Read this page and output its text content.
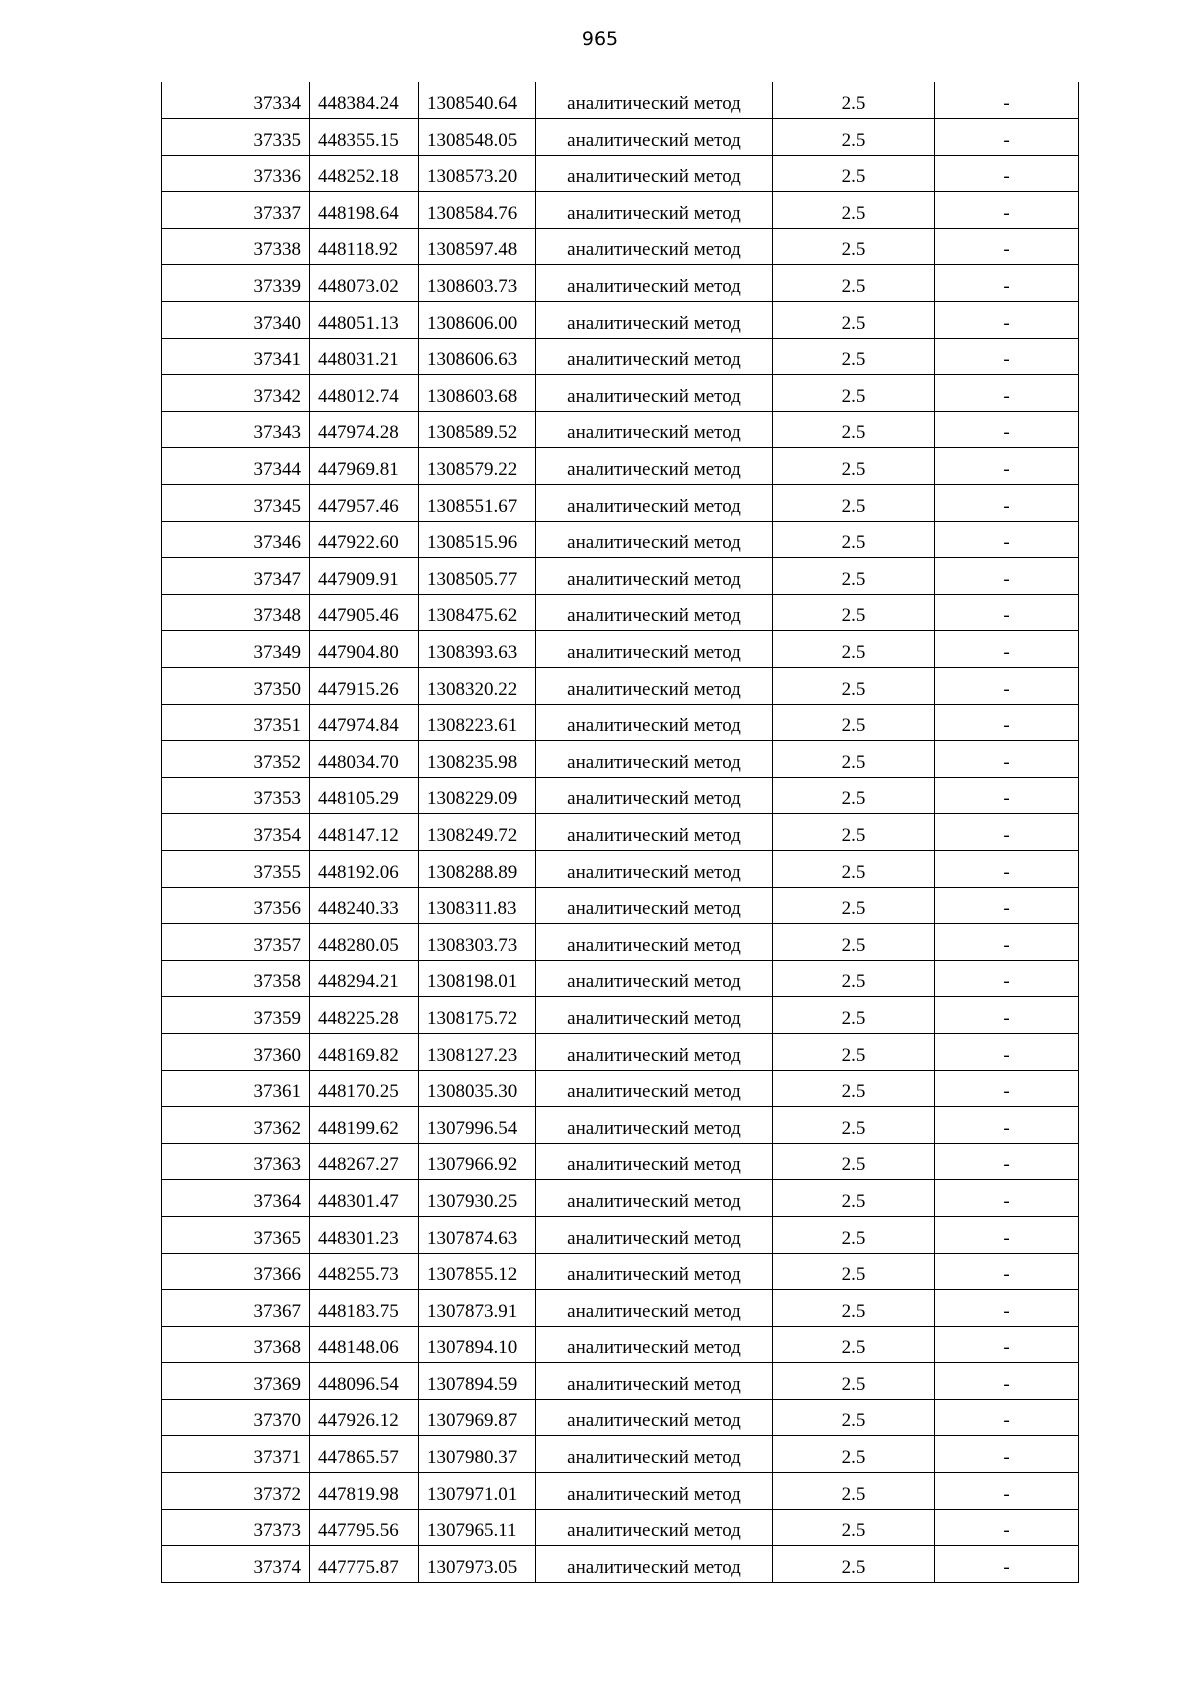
965
37334	448384.24	1308540.64	аналитический метод	2.5	-
37335	448355.15	1308548.05	аналитический метод	2.5	-
37336	448252.18	1308573.20	аналитический метод	2.5	-
37337	448198.64	1308584.76	аналитический метод	2.5	-
37338	448118.92	1308597.48	аналитический метод	2.5	-
37339	448073.02	1308603.73	аналитический метод	2.5	-
37340	448051.13	1308606.00	аналитический метод	2.5	-
37341	448031.21	1308606.63	аналитический метод	2.5	-
37342	448012.74	1308603.68	аналитический метод	2.5	-
37343	447974.28	1308589.52	аналитический метод	2.5	-
37344	447969.81	1308579.22	аналитический метод	2.5	-
37345	447957.46	1308551.67	аналитический метод	2.5	-
37346	447922.60	1308515.96	аналитический метод	2.5	-
37347	447909.91	1308505.77	аналитический метод	2.5	-
37348	447905.46	1308475.62	аналитический метод	2.5	-
37349	447904.80	1308393.63	аналитический метод	2.5	-
37350	447915.26	1308320.22	аналитический метод	2.5	-
37351	447974.84	1308223.61	аналитический метод	2.5	-
37352	448034.70	1308235.98	аналитический метод	2.5	-
37353	448105.29	1308229.09	аналитический метод	2.5	-
37354	448147.12	1308249.72	аналитический метод	2.5	-
37355	448192.06	1308288.89	аналитический метод	2.5	-
37356	448240.33	1308311.83	аналитический метод	2.5	-
37357	448280.05	1308303.73	аналитический метод	2.5	-
37358	448294.21	1308198.01	аналитический метод	2.5	-
37359	448225.28	1308175.72	аналитический метод	2.5	-
37360	448169.82	1308127.23	аналитический метод	2.5	-
37361	448170.25	1308035.30	аналитический метод	2.5	-
37362	448199.62	1307996.54	аналитический метод	2.5	-
37363	448267.27	1307966.92	аналитический метод	2.5	-
37364	448301.47	1307930.25	аналитический метод	2.5	-
37365	448301.23	1307874.63	аналитический метод	2.5	-
37366	448255.73	1307855.12	аналитический метод	2.5	-
37367	448183.75	1307873.91	аналитический метод	2.5	-
37368	448148.06	1307894.10	аналитический метод	2.5	-
37369	448096.54	1307894.59	аналитический метод	2.5	-
37370	447926.12	1307969.87	аналитический метод	2.5	-
37371	447865.57	1307980.37	аналитический метод	2.5	-
37372	447819.98	1307971.01	аналитический метод	2.5	-
37373	447795.56	1307965.11	аналитический метод	2.5	-
37374	447775.87	1307973.05	аналитический метод	2.5	-
